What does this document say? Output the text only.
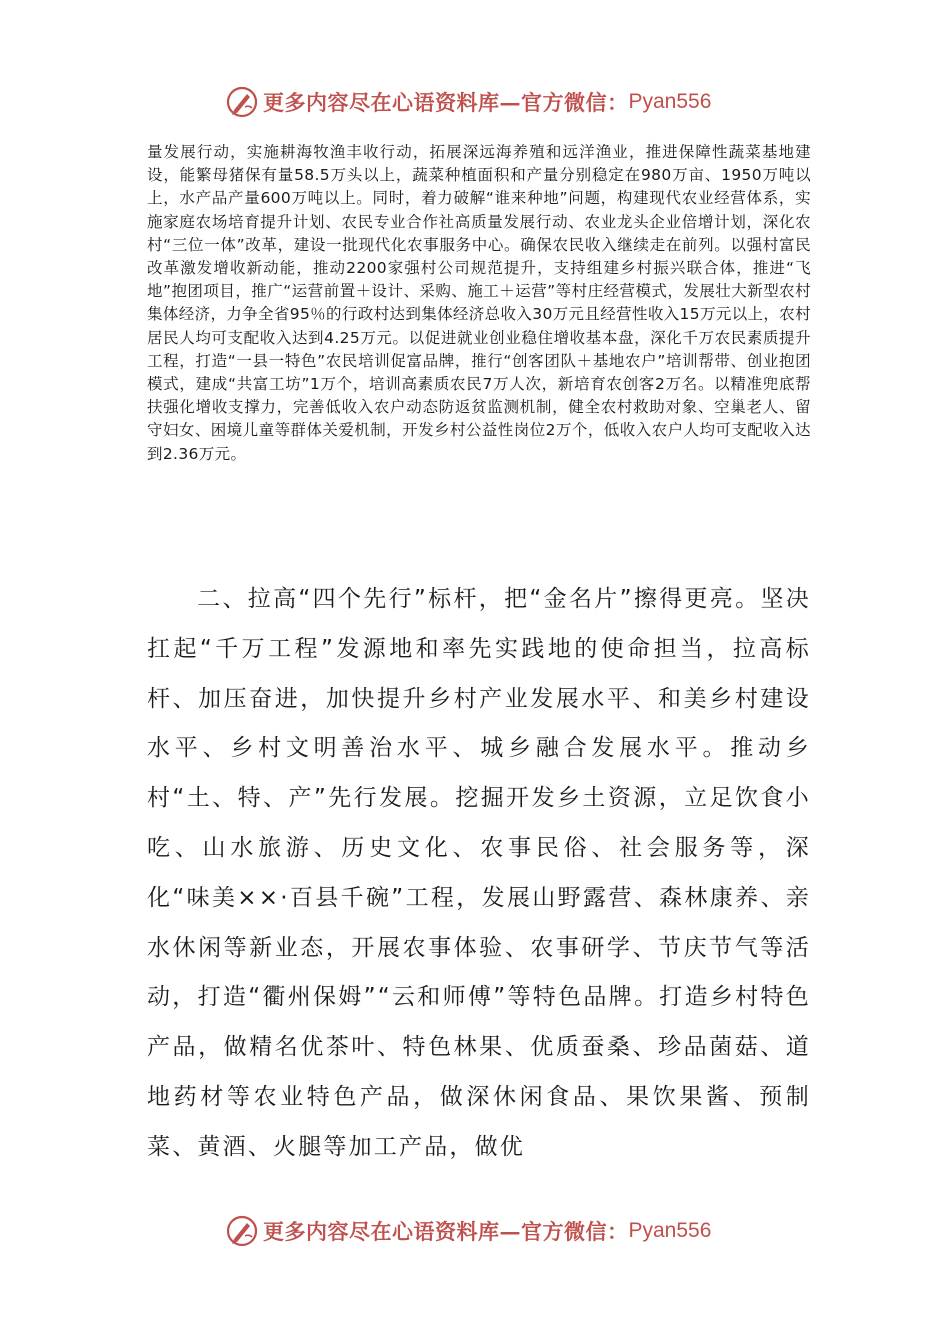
更多内容尽在心语资料库—官方微信： Pyan556

量发展行动，实施耕海牧渔丰收行动，拓展深远海养殖和远洋渔业，推进保障性蔬菜基地建设，能繁母猪保有量58.5万头以上，蔬菜种植面积和产量分别稳定在980万亩、1950万吨以上，水产品产量600万吨以上。同时，着力破解“谁来种地”问题，构建现代农业经营体系，实施家庭农场培育提升计划、农民专业合作社高质量发展行动、农业龙头企业倍增计划，深化农村“三位一体”改革，建设一批现代化农事服务中心。确保农民收入继续走在前列。以强村富民改革激发增收新动能，推动2200家强村公司规范提升，支持组建乡村振兴联合体，推进“飞地”抱团项目，推广“运营前置＋设计、采购、施工＋运营”等村庄经营模式，发展壮大新型农村集体经济，力争全省95％的行政村达到集体经济总收入30万元且经营性收入15万元以上，农村居民人均可支配收入达到4.25万元。以促进就业创业稳住增收基本盘，深化千万农民素质提升工程，打造“一县一特色”农民培训促富品牌，推行“创客团队＋基地农户”培训帮带、创业抱团模式，建成“共富工坊”1万个，培训高素质农民7万人次，新培育农创客2万名。以精准兜底帮扶强化增收支撑力，完善低收入农户动态防返贫监测机制，健全农村救助对象、空巢老人、留守妇女、困境儿童等群体关爱机制，开发乡村公益性岗位2万个，低收入农户人均可支配收入达到2.36万元。

二、拉高“四个先行”标杆，把“金名片”擦得更亮。坚决扛起“千万工程”发源地和率先实践地的使命担当，拉高标杆、加压奋进，加快提升乡村产业发展水平、和美乡村建设水平、乡村文明善治水平、城乡融合发展水平。推动乡村“土、特、产”先行发展。挖掘开发乡土资源，立足饮食小吃、山水旅游、历史文化、农事民俗、社会服务等，深化“味美××·百县千碗”工程，发展山野露营、森林康养、亲水休闲等新业态，开展农事体验、农事研学、节庆节气等活动，打造“衢州保姆”“云和师傅”等特色品牌。打造乡村特色产品，做精名优茶叶、特色林果、优质蚕桑、珍品菌菇、道地药材等农业特色产品，做深休闲食品、果饮果酱、预制菜、黄酒、火腿等加工产品，做优

更多内容尽在心语资料库—官方微信： Pyan556
